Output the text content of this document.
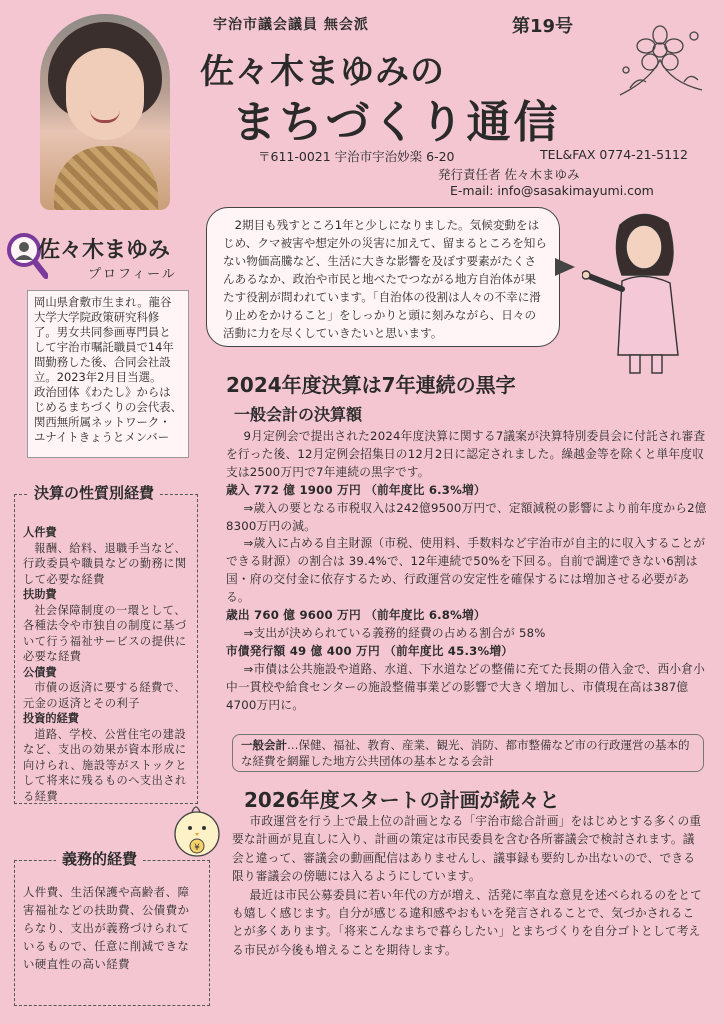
宇治市議会議員 無会派	第19号
佐々木まゆみの
まちづくり通信
〒611-0021 宇治市宇治妙楽 6-20	TEL&FAX 0774-21-5112
発行責任者 佐々木まゆみ
E-mail: info@sasakimayumi.com

2期目も残すところ1年と少しになりました。気候変動をはじめ、クマ被害や想定外の災害に加えて、留まるところを知らない物価高騰など、生活に大きな影響を及ぼす要素がたくさんあるなか、政治や市民と地べたでつながる地方自治体が果たす役割が問われています。「自治体の役割は人々の不幸に滑り止めをかけること」をしっかりと頭に刻みながら、日々の活動に力を尽くしていきたいと思います。

佐々木まゆみ
プロフィール

岡山県倉敷市生まれ。龍谷大学大学院政策研究科修了。男女共同参画専門員として宇治市嘱託職員で14年間勤務した後、合同会社設立。2023年2月目当選。

政治団体《わたし》からはじめるまちづくりの会代表、関西無所属ネットワーク・ユナイトきょうとメンバー

人件費

報酬、給料、退職手当など、行政委員や職員などの勤務に関して必要な経費

扶助費

社会保障制度の一環として、各種法令や市独自の制度に基づいて行う福祉サービスの提供に必要な経費

公債費

市債の返済に要する経費で、元金の返済とその利子

投資的経費

道路、学校、公営住宅の建設など、支出の効果が資本形成に向けられ、施設等がストックとして将来に残るものへ支出される経費

決算の性質別経費
¥
人件費、生活保護や高齢者、障害福祉などの扶助費、公債費からなり、支出が義務づけられているもので、任意に削減できない硬直性の高い経費
義務的経費
2024年度決算は7年連続の黒字
一般会計の決算額

9月定例会で提出された2024年度決算に関する7議案が決算特別委員会に付託され審査を行った後、12月定例会招集日の12月2日に認定されました。繰越金等を除くと単年度収支は2500万円で7年連続の黒字です。

歳入 772 億 1900 万円 （前年度比 6.3%増）

⇒歳入の要となる市税収入は242億9500万円で、定額減税の影響により前年度から2億8300万円の減。

⇒歳入に占める自主財源（市税、使用料、手数料など宇治市が自主的に収入することができる財源）の割合は 39.4%で、12年連続で50%を下回る。自前で調達できない6割は国・府の交付金に依存するため、行政運営の安定性を確保するには増加させる必要がある。

歳出 760 億 9600 万円 （前年度比 6.8%増）

⇒支出が決められている義務的経費の占める割合が 58%

市債発行額 49 億 400 万円 （前年度比 45.3%増）

⇒市債は公共施設や道路、水道、下水道などの整備に充てた長期の借入金で、西小倉小中一貫校や給食センターの施設整備事業どの影響で大きく増加し、市債現在高は387億4700万円に。

一般会計…保健、福祉、教育、産業、観光、消防、都市整備など市の行政運営の基本的な経費を網羅した地方公共団体の基本となる会計
2026年度スタートの計画が続々と

市政運営を行う上で最上位の計画となる「宇治市総合計画」をはじめとする多くの重要な計画が見直しに入り、計画の策定は市民委員を含む各所審議会で検討されます。議会と違って、審議会の動画配信はありませんし、議事録も要約しか出ないので、できる限り審議会の傍聴には入るようにしています。

最近は市民公募委員に若い年代の方が増え、活発に率直な意見を述べられるのをとても嬉しく感じます。自分が感じる違和感やおもいを発言されることで、気づかされることが多くあります。「将来こんなまちで暮らしたい」とまちづくりを自分ゴトとして考える市民が今後も増えることを期待します。
